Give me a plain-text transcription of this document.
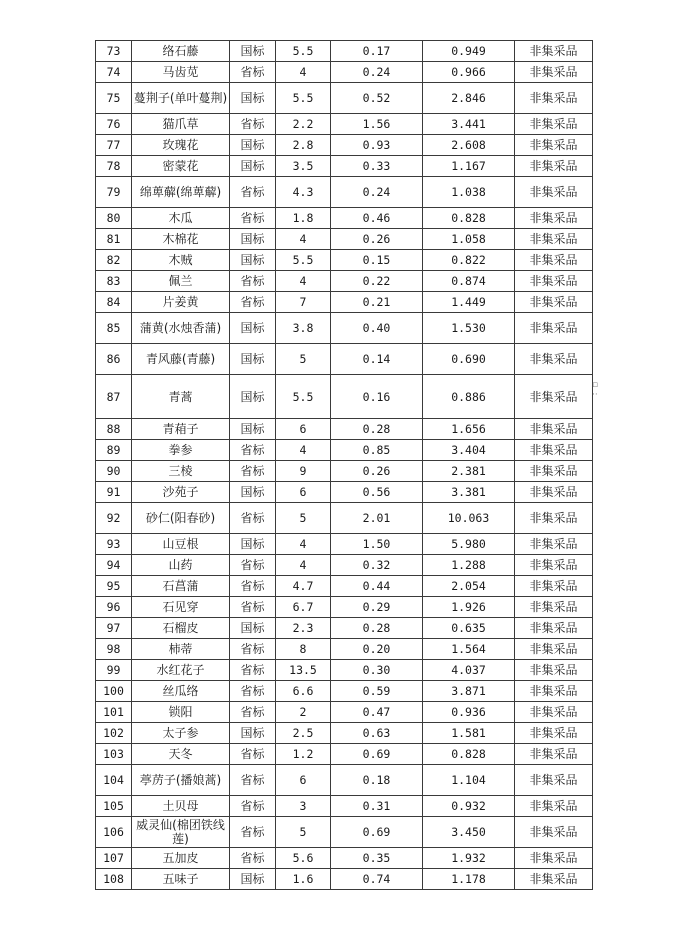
73	络石藤	国标	5.5	0.17	0.949	非集采品
74	马齿苋	省标	4	0.24	0.966	非集采品
75	蔓荆子(单叶蔓荆)	国标	5.5	0.52	2.846	非集采品
76	猫爪草	省标	2.2	1.56	3.441	非集采品
77	玫瑰花	国标	2.8	0.93	2.608	非集采品
78	密蒙花	国标	3.5	0.33	1.167	非集采品
79	绵萆薢(绵萆薢)	省标	4.3	0.24	1.038	非集采品
80	木瓜	省标	1.8	0.46	0.828	非集采品
81	木棉花	国标	4	0.26	1.058	非集采品
82	木贼	国标	5.5	0.15	0.822	非集采品
83	佩兰	省标	4	0.22	0.874	非集采品
84	片姜黄	省标	7	0.21	1.449	非集采品
85	蒲黄(水烛香蒲)	国标	3.8	0.40	1.530	非集采品
86	青风藤(青藤)	国标	5	0.14	0.690	非集采品
87	青蒿	国标	5.5	0.16	0.886	非集采品
88	青葙子	国标	6	0.28	1.656	非集采品
89	拳参	省标	4	0.85	3.404	非集采品
90	三棱	省标	9	0.26	2.381	非集采品
91	沙苑子	国标	6	0.56	3.381	非集采品
92	砂仁(阳春砂)	省标	5	2.01	10.063	非集采品
93	山豆根	国标	4	1.50	5.980	非集采品
94	山药	省标	4	0.32	1.288	非集采品
95	石菖蒲	省标	4.7	0.44	2.054	非集采品
96	石见穿	省标	6.7	0.29	1.926	非集采品
97	石榴皮	国标	2.3	0.28	0.635	非集采品
98	柿蒂	省标	8	0.20	1.564	非集采品
99	水红花子	省标	13.5	0.30	4.037	非集采品
100	丝瓜络	省标	6.6	0.59	3.871	非集采品
101	锁阳	省标	2	0.47	0.936	非集采品
102	太子参	国标	2.5	0.63	1.581	非集采品
103	天冬	省标	1.2	0.69	0.828	非集采品
104	葶苈子(播娘蒿)	省标	6	0.18	1.104	非集采品
105	土贝母	省标	3	0.31	0.932	非集采品
106	威灵仙(棉团铁线莲)	省标	5	0.69	3.450	非集采品
107	五加皮	省标	5.6	0.35	1.932	非集采品
108	五味子	国标	1.6	0.74	1.178	非集采品
▫
··
